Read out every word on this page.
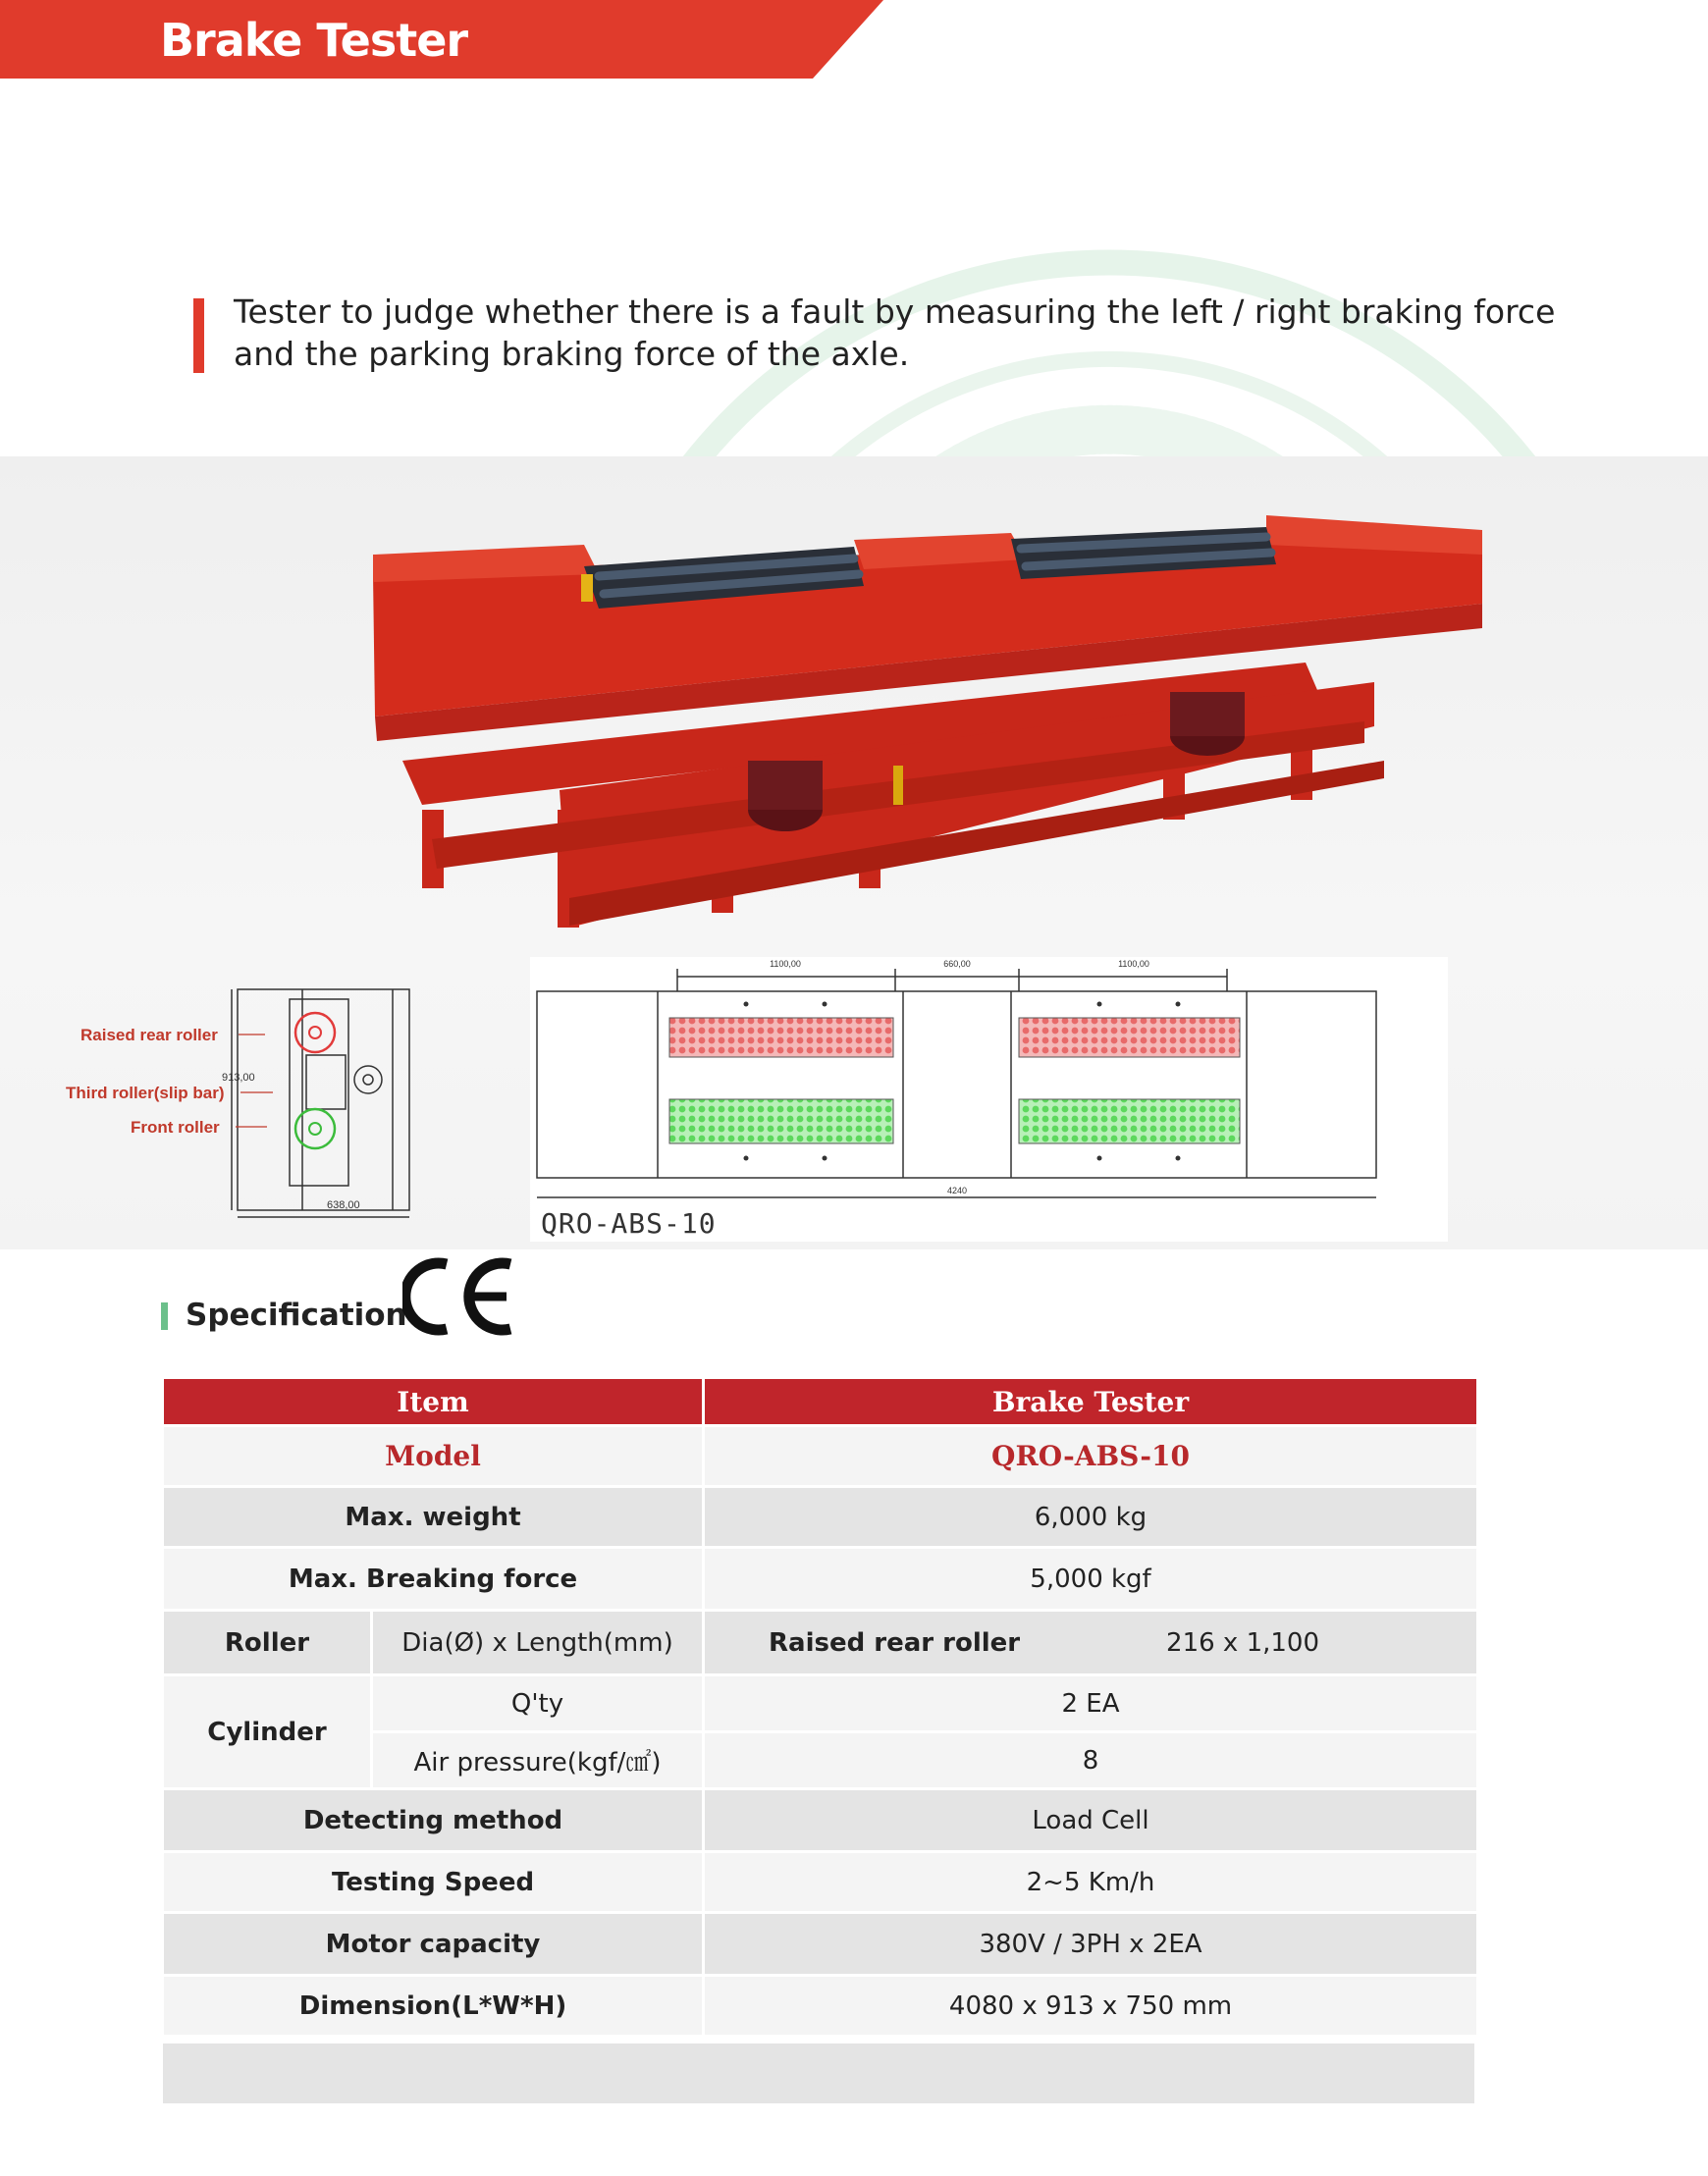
Brake Tester
Tester to judge whether there is a fault by measuring the left / right braking force
and the parking braking force of the axle.
Raised rear roller
Third roller(slip bar)
Front roller
913,00
638,00
1100,00	660,00	1100,00
4240
QRO-ABS-10
Specification
Item		Brake Tester
Model		QRO-ABS-10
Max. weight		6,000 kg
Max. Breaking force		5,000 kgf
Roller	Dia(Ø) x Length(mm)	Raised rear roller 216 x 1,100

Cylinder	Q'ty	2 EA
	Air pressure(kgf/㎠)	8
Detecting method		Load Cell
Testing Speed		2~5 Km/h
Motor capacity		380V / 3PH x 2EA
Dimension(L*W*H)		4080 x 913 x 750 mm
